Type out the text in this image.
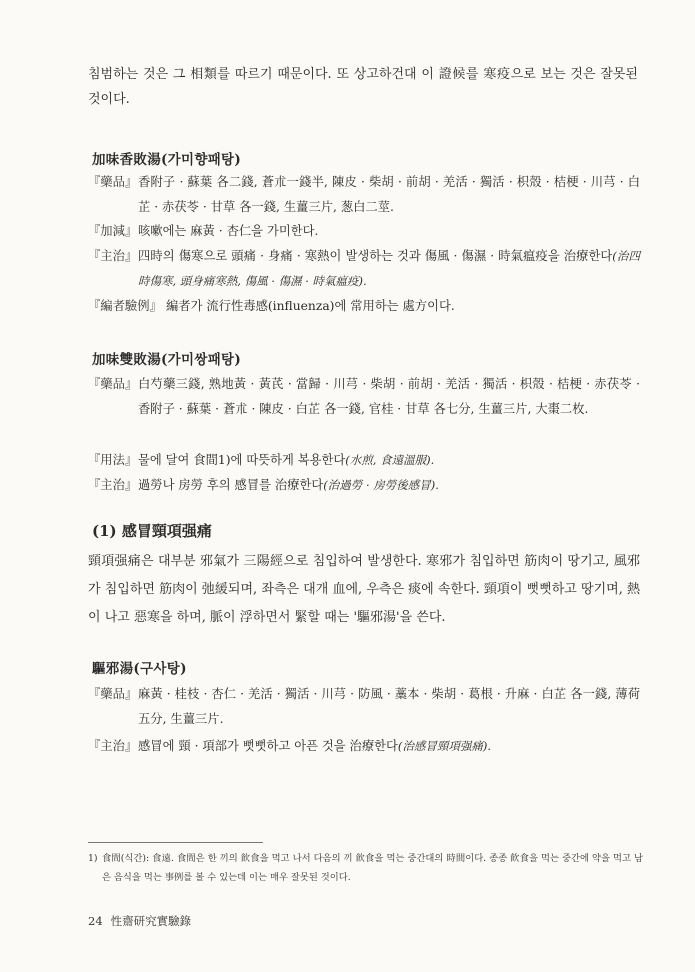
침범하는 것은 그 相類를 따르기 때문이다. 또 상고하건대 이 證候를 寒疫으로 보는 것은 잘못된 것이다.
加味香敗湯(가미향패탕)
『藥品』 香附子 · 蘇葉 各二錢, 蒼朮一錢半, 陳皮 · 柴胡 · 前胡 · 羌活 · 獨活 · 枳殼 · 桔梗 · 川芎 · 白芷 · 赤茯苓 · 甘草 各一錢, 生薑三片, 葱白二莖.
『加減』 咳嗽에는 麻黃 · 杏仁을 가미한다.
『主治』 四時의 傷寒으로 頭痛 · 身痛 · 寒熱이 발생하는 것과 傷風 · 傷濕 · 時氣瘟疫을 治療한다(治四時傷寒, 頭身痛寒熱, 傷風 · 傷濕 · 時氣瘟疫).
『編者驗例』 編者가 流行性毒感(influenza)에 常用하는 處方이다.
加味雙敗湯(가미쌍패탕)
『藥品』 白芍藥三錢, 熟地黃 · 黃芪 · 當歸 · 川芎 · 柴胡 · 前胡 · 羌活 · 獨活 · 枳殼 · 桔梗 · 赤茯苓 · 香附子 · 蘇葉 · 蒼朮 · 陳皮 · 白芷 各一錢, 官桂 · 甘草 各七分, 生薑三片, 大棗二枚.
『用法』 물에 달여 食間1)에 따뜻하게 복용한다(水煎, 食遠溫服).
『主治』 過勞나 房勞 후의 感冒를 治療한다(治過勞 · 房勞後感冒).
(1) 感冒頸項强痛
頸項强痛은 대부분 邪氣가 三陽經으로 침입하여 발생한다. 寒邪가 침입하면 筋肉이 땅기고, 風邪가 침입하면 筋肉이 弛緩되며, 좌측은 대개 血에, 우측은 痰에 속한다. 頸項이 뻣뻣하고 땅기며, 熱이 나고 惡寒을 하며, 脈이 浮하면서 緊할 때는 '驅邪湯'을 쓴다.
驅邪湯(구사탕)
『藥品』 麻黃 · 桂枝 · 杏仁 · 羌活 · 獨活 · 川芎 · 防風 · 藁本 · 柴胡 · 葛根 · 升麻 · 白芷 各一錢, 薄荷五分, 生薑三片.
『主治』 感冒에 頸 · 項部가 뻣뻣하고 아픈 것을 治療한다(治感冒頸項强痛).
1) 食間(식간): 食遠. 食間은 한 끼의 飮食을 먹고 나서 다음의 끼 飮食을 먹는 중간대의 時間이다. 종종 飮食을 먹는 중간에 약을 먹고 남은 음식을 먹는 事例를 볼 수 있는데 이는 매우 잘못된 것이다.
24 性齋研究實驗錄
